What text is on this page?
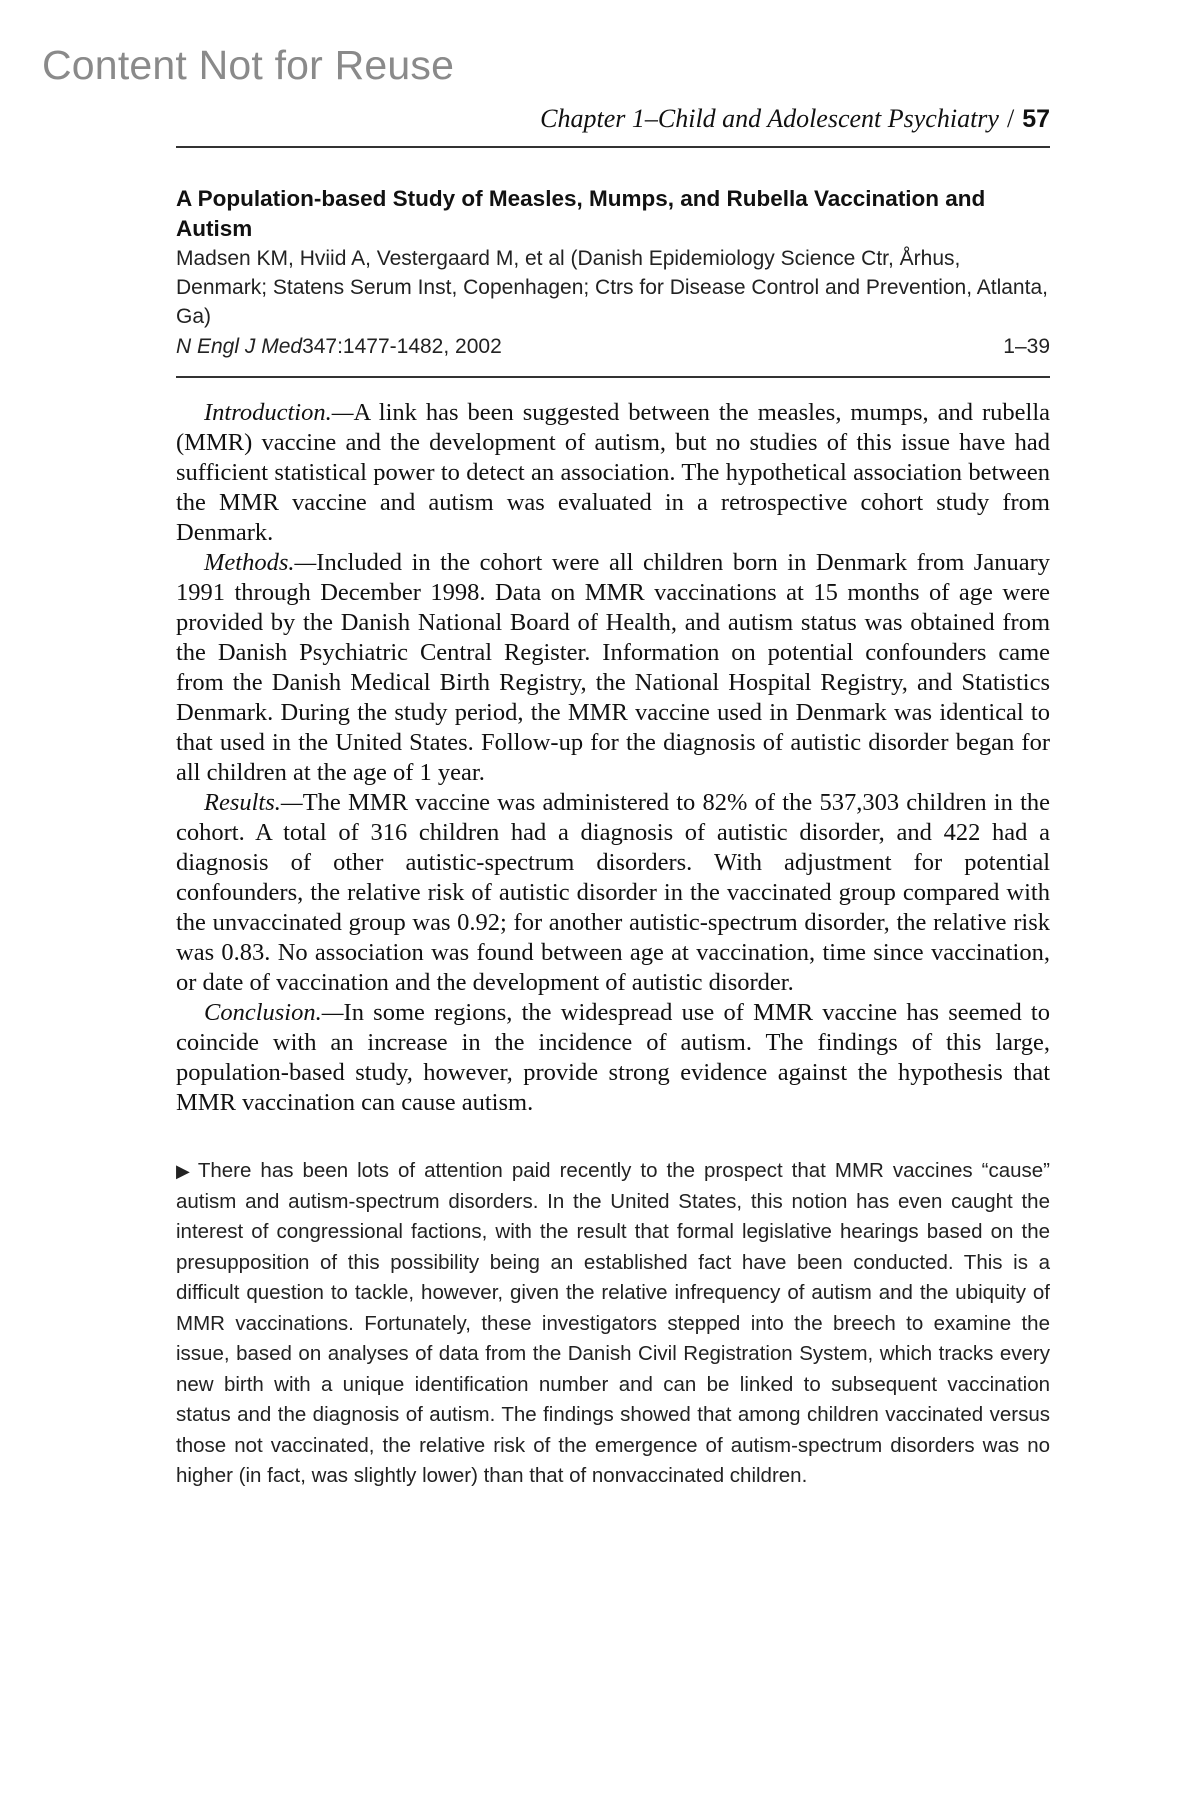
Content Not for Reuse
Chapter 1–Child and Adolescent Psychiatry / 57

A Population-based Study of Measles, Mumps, and Rubella Vaccination and Autism

Madsen KM, Hviid A, Vestergaard M, et al (Danish Epidemiology Science Ctr, Århus, Denmark; Statens Serum Inst, Copenhagen; Ctrs for Disease Control and Prevention, Atlanta, Ga)

N Engl J Med347:1477-1482, 2002	1–39

Introduction.—A link has been suggested between the measles, mumps, and rubella (MMR) vaccine and the development of autism, but no studies of this issue have had sufficient statistical power to detect an association. The hypothetical association between the MMR vaccine and autism was evaluated in a retrospective cohort study from Denmark.

Methods.—Included in the cohort were all children born in Denmark from January 1991 through December 1998. Data on MMR vaccinations at 15 months of age were provided by the Danish National Board of Health, and autism status was obtained from the Danish Psychiatric Central Register. Information on potential confounders came from the Danish Medical Birth Registry, the National Hospital Registry, and Statistics Denmark. During the study period, the MMR vaccine used in Denmark was identical to that used in the United States. Follow-up for the diagnosis of autistic disorder began for all children at the age of 1 year.

Results.—The MMR vaccine was administered to 82% of the 537,303 children in the cohort. A total of 316 children had a diagnosis of autistic disorder, and 422 had a diagnosis of other autistic-spectrum disorders. With adjustment for potential confounders, the relative risk of autistic disorder in the vaccinated group compared with the unvaccinated group was 0.92; for another autistic-spectrum disorder, the relative risk was 0.83. No association was found between age at vaccination, time since vaccination, or date of vaccination and the development of autistic disorder.

Conclusion.—In some regions, the widespread use of MMR vaccine has seemed to coincide with an increase in the incidence of autism. The findings of this large, population-based study, however, provide strong evidence against the hypothesis that MMR vaccination can cause autism.

▶ There has been lots of attention paid recently to the prospect that MMR vaccines “cause” autism and autism-spectrum disorders. In the United States, this notion has even caught the interest of congressional factions, with the result that formal legislative hearings based on the presupposition of this possibility being an established fact have been conducted. This is a difficult question to tackle, however, given the relative infrequency of autism and the ubiquity of MMR vaccinations. Fortunately, these investigators stepped into the breech to examine the issue, based on analyses of data from the Danish Civil Registration System, which tracks every new birth with a unique identification number and can be linked to subsequent vaccination status and the diagnosis of autism. The findings showed that among children vaccinated versus those not vaccinated, the relative risk of the emergence of autism-spectrum disorders was no higher (in fact, was slightly lower) than that of nonvaccinated children.
